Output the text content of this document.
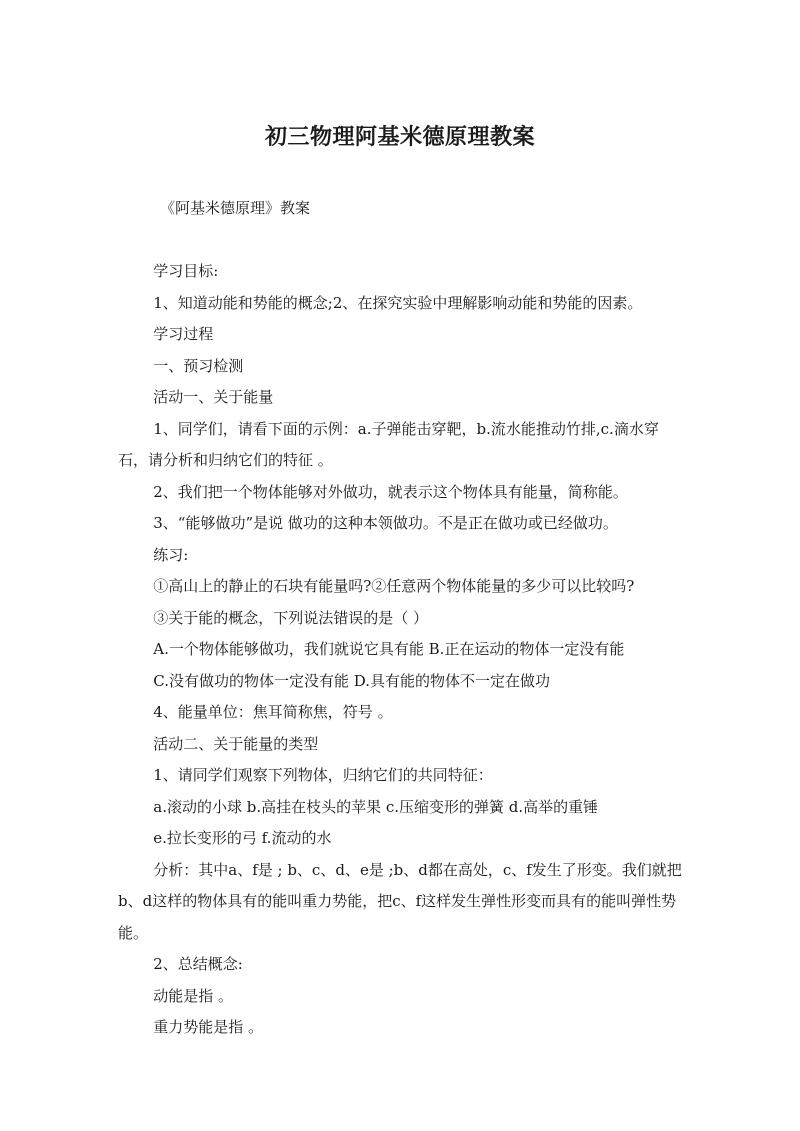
初三物理阿基米德原理教案
《阿基米德原理》教案

学习目标:

1、知道动能和势能的概念;2、在探究实验中理解影响动能和势能的因素。

学习过程

一、预习检测

活动一、关于能量

1、同学们，请看下面的示例：a.子弹能击穿靶，b.流水能推动竹排,c.滴水穿石，请分析和归纳它们的特征 。

2、我们把一个物体能够对外做功，就表示这个物体具有能量，简称能。

3、“能够做功”是说 做功的这种本领做功。不是正在做功或已经做功。

练习:

①高山上的静止的石块有能量吗?②任意两个物体能量的多少可以比较吗?

③关于能的概念，下列说法错误的是（ ）

A.一个物体能够做功，我们就说它具有能 B.正在运动的物体一定没有能

C.没有做功的物体一定没有能 D.具有能的物体不一定在做功

4、能量单位：焦耳简称焦，符号 。

活动二、关于能量的类型

1、请同学们观察下列物体，归纳它们的共同特征：

a.滚动的小球 b.高挂在枝头的苹果 c.压缩变形的弹簧 d.高举的重锤

e.拉长变形的弓 f.流动的水

分析：其中a、f是 ; b、c、d、e是 ;b、d都在高处，c、f发生了形变。我们就把b、d这样的物体具有的能叫重力势能，把c、f这样发生弹性形变而具有的能叫弹性势能。

2、总结概念:

动能是指 。

重力势能是指 。
